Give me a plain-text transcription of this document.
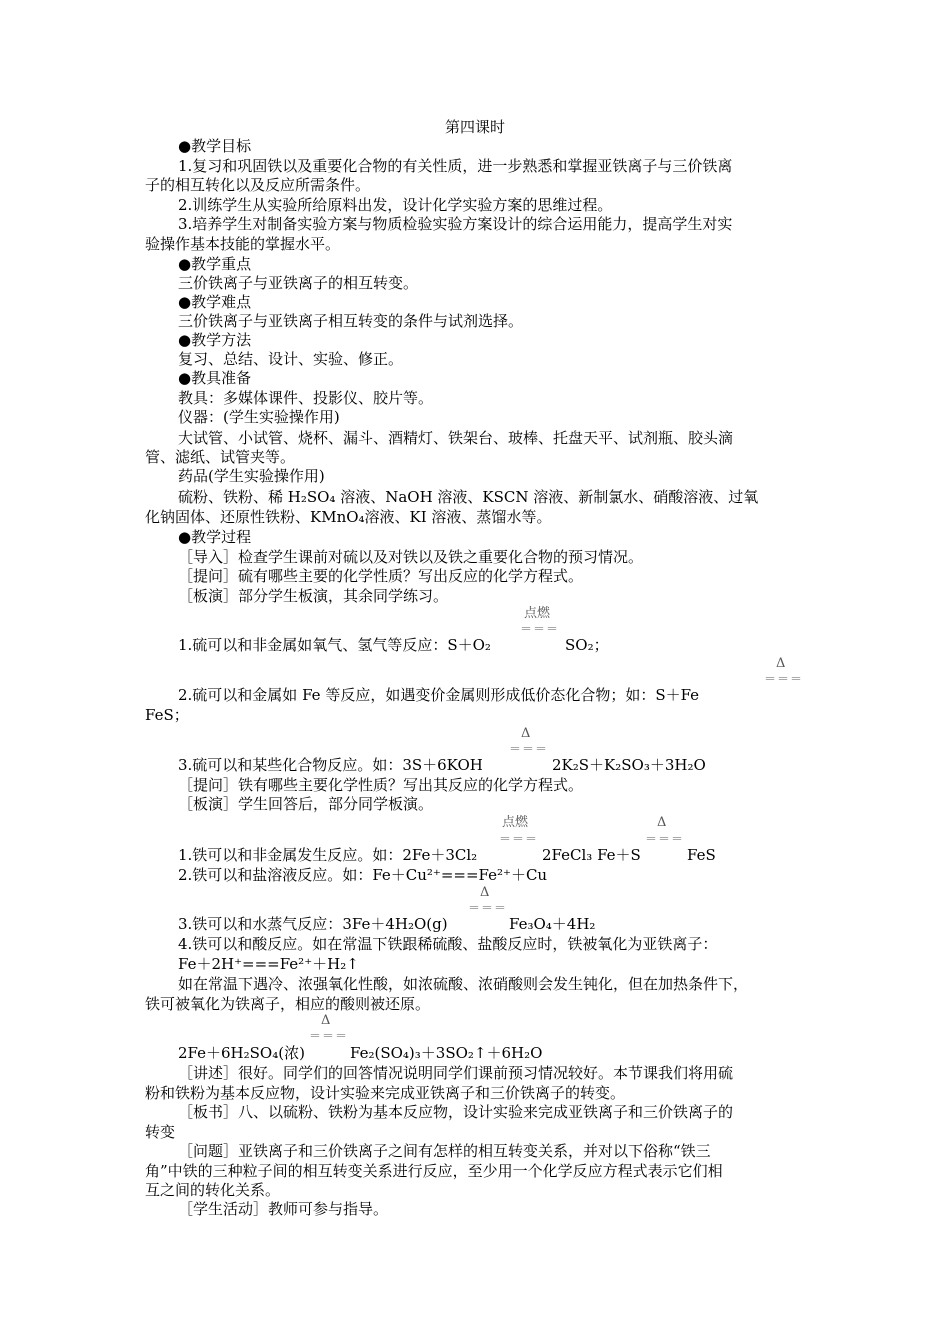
第四课时
●教学目标
1.复习和巩固铁以及重要化合物的有关性质，进一步熟悉和掌握亚铁离子与三价铁离
子的相互转化以及反应所需条件。
2.训练学生从实验所给原料出发，设计化学实验方案的思维过程。
3.培养学生对制备实验方案与物质检验实验方案设计的综合运用能力，提高学生对实
验操作基本技能的掌握水平。
●教学重点
三价铁离子与亚铁离子的相互转变。
●教学难点
三价铁离子与亚铁离子相互转变的条件与试剂选择。
●教学方法
复习、总结、设计、实验、修正。
●教具准备
教具：多媒体课件、投影仪、胶片等。
仪器：(学生实验操作用)
大试管、小试管、烧杯、漏斗、酒精灯、铁架台、玻棒、托盘天平、试剂瓶、胶头滴
管、滤纸、试管夹等。
药品(学生实验操作用)
硫粉、铁粉、稀 H₂SO₄ 溶液、NaOH 溶液、KSCN 溶液、新制氯水、硝酸溶液、过氧
化钠固体、还原性铁粉、KMnO₄溶液、KI 溶液、蒸馏水等。
●教学过程
［导入］检查学生课前对硫以及对铁以及铁之重要化合物的预习情况。
［提问］硫有哪些主要的化学性质？写出反应的化学方程式。
［板演］部分学生板演，其余同学练习。
点燃
＝＝＝
1.硫可以和非金属如氧气、氢气等反应：S＋O₂	SO₂；
Δ
＝＝＝
2.硫可以和金属如 Fe 等反应，如遇变价金属则形成低价态化合物；如：S＋Fe
FeS；
Δ
＝＝＝
3.硫可以和某些化合物反应。如：3S＋6KOH	2K₂S＋K₂SO₃＋3H₂O
［提问］铁有哪些主要化学性质？写出其反应的化学方程式。
［板演］学生回答后，部分同学板演。
点燃
＝＝＝
Δ
＝＝＝
1.铁可以和非金属发生反应。如：2Fe＋3Cl₂	2FeCl₃ Fe＋S	FeS
2.铁可以和盐溶液反应。如：Fe＋Cu²⁺===Fe²⁺＋Cu
Δ
＝＝＝
3.铁可以和水蒸气反应：3Fe＋4H₂O(g)	Fe₃O₄＋4H₂
4.铁可以和酸反应。如在常温下铁跟稀硫酸、盐酸反应时，铁被氧化为亚铁离子：
Fe＋2H⁺===Fe²⁺＋H₂↑
如在常温下遇冷、浓强氧化性酸，如浓硫酸、浓硝酸则会发生钝化，但在加热条件下，
铁可被氧化为铁离子，相应的酸则被还原。
Δ
＝＝＝
2Fe＋6H₂SO₄(浓)	Fe₂(SO₄)₃＋3SO₂↑＋6H₂O
［讲述］很好。同学们的回答情况说明同学们课前预习情况较好。本节课我们将用硫
粉和铁粉为基本反应物，设计实验来完成亚铁离子和三价铁离子的转变。
［板书］八、以硫粉、铁粉为基本反应物，设计实验来完成亚铁离子和三价铁离子的
转变
［问题］亚铁离子和三价铁离子之间有怎样的相互转变关系，并对以下俗称“铁三
角”中铁的三种粒子间的相互转变关系进行反应，至少用一个化学反应方程式表示它们相
互之间的转化关系。
［学生活动］教师可参与指导。
